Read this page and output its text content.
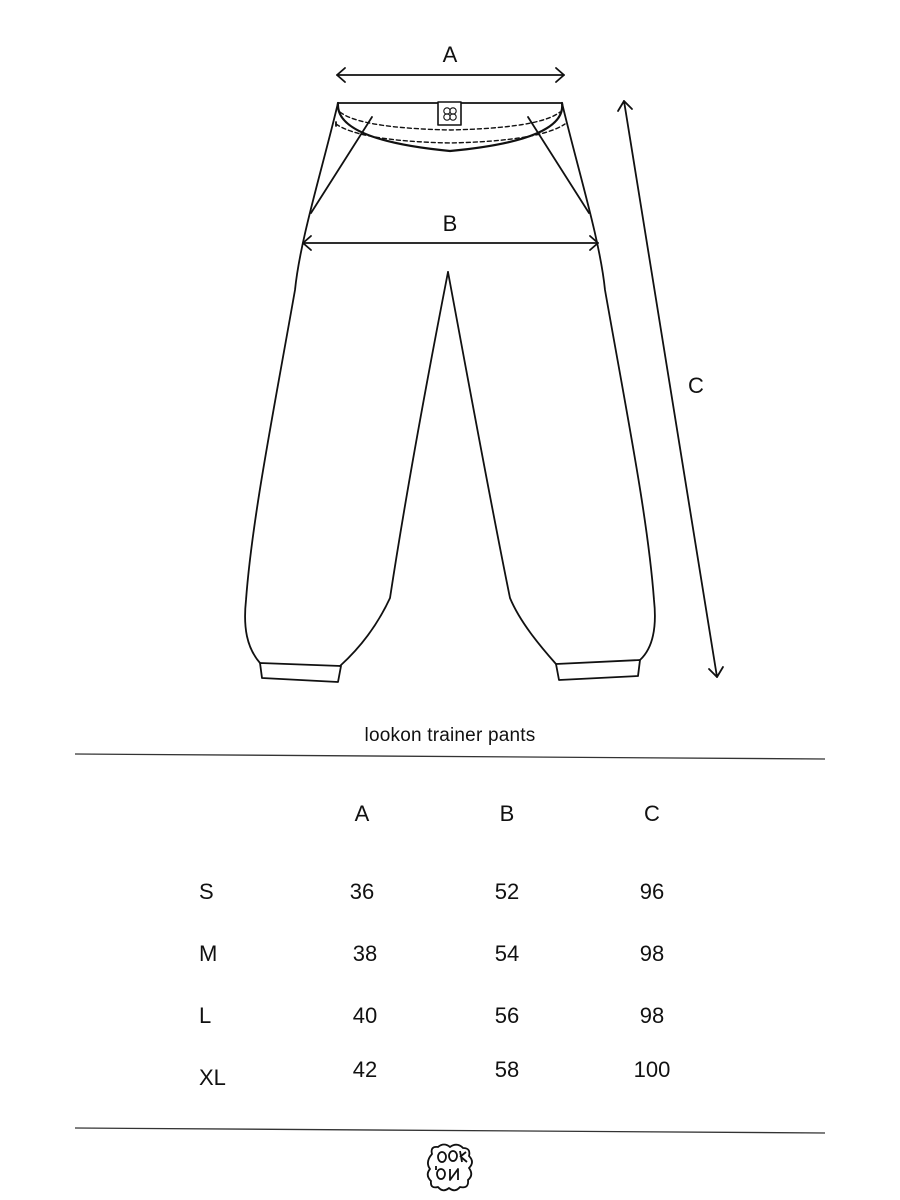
A
B
C
lookon trainer pants
A	B	C
S	36	52	96
M	38	54	98
L	40	56	98
XL	42	58	100
